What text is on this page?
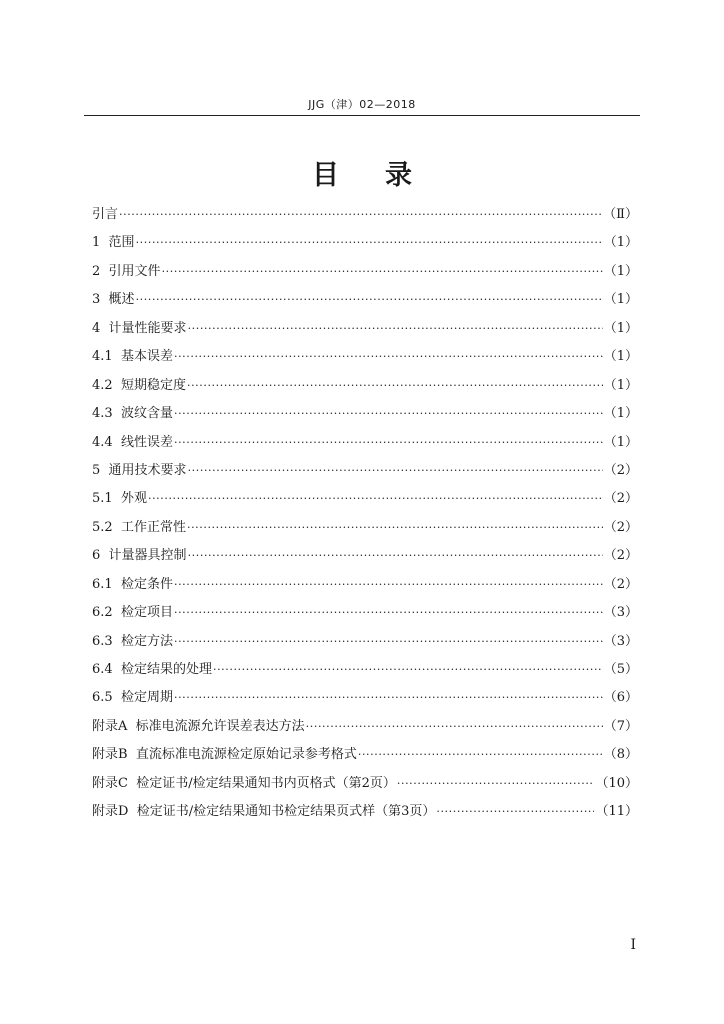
JJG（津）02—2018
目录
引言 ·····	（Ⅱ）
1 范围 ·····	（1）
2 引用文件 ·····	（1）
3 概述 ·····	（1）
4 计量性能要求 ·····	（1）
4.1 基本误差 ·····	（1）
4.2 短期稳定度 ·····	（1）
4.3 波纹含量 ·····	（1）
4.4 线性误差 ·····	（1）
5 通用技术要求 ·····	（2）
5.1 外观 ·····	（2）
5.2 工作正常性 ·····	（2）
6 计量器具控制 ·····	（2）
6.1 检定条件 ·····	（2）
6.2 检定项目 ·····	（3）
6.3 检定方法 ·····	（3）
6.4 检定结果的处理 ·····	（5）
6.5 检定周期 ·····	（6）
附录A 标准电流源允许误差表达方法 ·····	（7）
附录B 直流标准电流源检定原始记录参考格式 ·····	（8）
附录C 检定证书/检定结果通知书内页格式（第2页） ·····	（10）
附录D 检定证书/检定结果通知书检定结果页式样（第3页） ·····	（11）
I
